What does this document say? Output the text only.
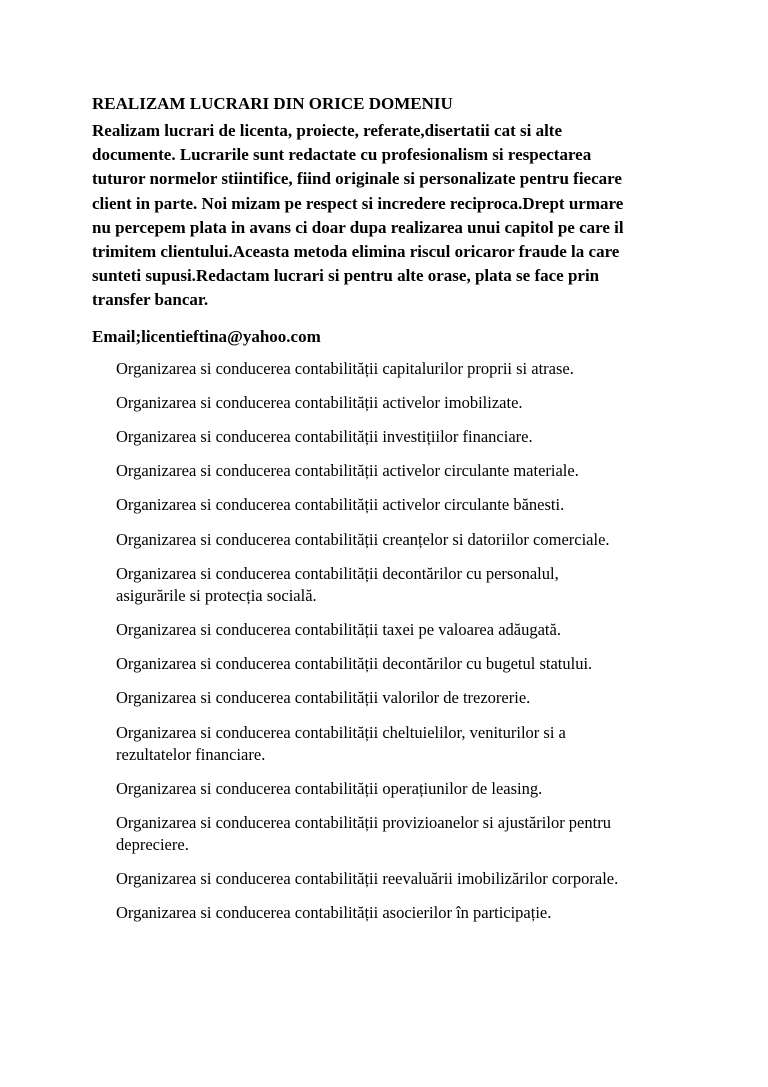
REALIZAM LUCRARI DIN ORICE DOMENIU
Realizam lucrari de licenta, proiecte, referate,disertatii cat si alte
documente. Lucrarile sunt redactate cu profesionalism si respectarea
tuturor normelor stiintifice, fiind originale si personalizate pentru fiecare
client in parte. Noi mizam pe respect si incredere reciproca.Drept urmare
nu percepem plata in avans ci doar dupa realizarea unui capitol pe care il
trimitem clientului.Aceasta metoda elimina riscul oricaror fraude la care
sunteti supusi.Redactam lucrari si pentru alte orase, plata se face prin
transfer bancar.
Email;licentieftina@yahoo.com
Organizarea si conducerea contabilității capitalurilor proprii si atrase.
Organizarea si conducerea contabilității activelor imobilizate.
Organizarea si conducerea contabilității investițiilor financiare.
Organizarea si conducerea contabilității activelor circulante materiale.
Organizarea si conducerea contabilității activelor circulante bănesti.
Organizarea si conducerea contabilității creanțelor si datoriilor comerciale.
Organizarea si conducerea contabilității decontărilor cu personalul,
asigurările si protecția socială.
Organizarea si conducerea contabilității taxei pe valoarea adăugată.
Organizarea si conducerea contabilității decontărilor cu bugetul statului.
Organizarea si conducerea contabilității valorilor de trezorerie.
Organizarea si conducerea contabilității cheltuielilor, veniturilor si a
rezultatelor financiare.
Organizarea si conducerea contabilității operațiunilor de leasing.
Organizarea si conducerea contabilității provizioanelor si ajustărilor pentru
depreciere.
Organizarea si conducerea contabilității reevaluării imobilizărilor corporale.
Organizarea si conducerea contabilității asocierilor în participație.
